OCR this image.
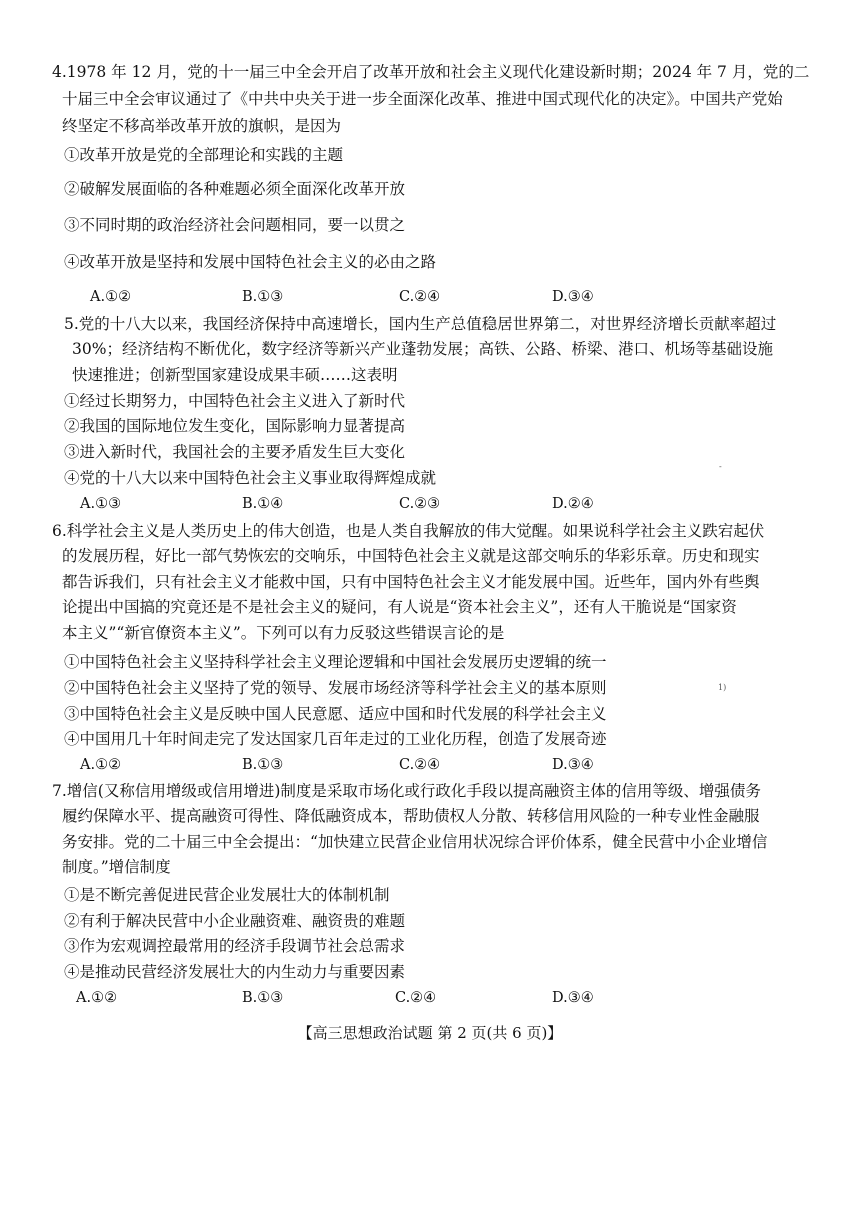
4.1978 年 12 月，党的十一届三中全会开启了改革开放和社会主义现代化建设新时期；2024 年 7 月，党的二
十届三中全会审议通过了《中共中央关于进一步全面深化改革、推进中国式现代化的决定》。中国共产党始
终坚定不移高举改革开放的旗帜，是因为
①改革开放是党的全部理论和实践的主题
②破解发展面临的各种难题必须全面深化改革开放
③不同时期的政治经济社会问题相同，要一以贯之
④改革开放是坚持和发展中国特色社会主义的必由之路
A.①②	B.①③	C.②④	D.③④
5.党的十八大以来，我国经济保持中高速增长，国内生产总值稳居世界第二，对世界经济增长贡献率超过
30%；经济结构不断优化，数字经济等新兴产业蓬勃发展；高铁、公路、桥梁、港口、机场等基础设施
快速推进；创新型国家建设成果丰硕……这表明
①经过长期努力，中国特色社会主义进入了新时代
②我国的国际地位发生变化，国际影响力显著提高
③进入新时代，我国社会的主要矛盾发生巨大变化
④党的十八大以来中国特色社会主义事业取得辉煌成就
A.①③	B.①④	C.②③	D.②④
6.科学社会主义是人类历史上的伟大创造，也是人类自我解放的伟大觉醒。如果说科学社会主义跌宕起伏
的发展历程，好比一部气势恢宏的交响乐，中国特色社会主义就是这部交响乐的华彩乐章。历史和现实
都告诉我们，只有社会主义才能救中国，只有中国特色社会主义才能发展中国。近些年，国内外有些舆
论提出中国搞的究竟还是不是社会主义的疑问，有人说是“资本社会主义”，还有人干脆说是“国家资
本主义”“新官僚资本主义”。下列可以有力反驳这些错误言论的是
①中国特色社会主义坚持科学社会主义理论逻辑和中国社会发展历史逻辑的统一
②中国特色社会主义坚持了党的领导、发展市场经济等科学社会主义的基本原则
③中国特色社会主义是反映中国人民意愿、适应中国和时代发展的科学社会主义
④中国用几十年时间走完了发达国家几百年走过的工业化历程，创造了发展奇迹
A.①②	B.①③	C.②④	D.③④
7.增信(又称信用增级或信用增进)制度是采取市场化或行政化手段以提高融资主体的信用等级、增强债务
履约保障水平、提高融资可得性、降低融资成本，帮助债权人分散、转移信用风险的一种专业性金融服
务安排。党的二十届三中全会提出：“加快建立民营企业信用状况综合评价体系，健全民营中小企业增信
制度。”增信制度
①是不断完善促进民营企业发展壮大的体制机制
②有利于解决民营中小企业融资难、融资贵的难题
③作为宏观调控最常用的经济手段调节社会总需求
④是推动民营经济发展壮大的内生动力与重要因素
A.①②	B.①③	C.②④	D.③④
-
1)
【高三思想政治试题 第 2 页(共 6 页)】
